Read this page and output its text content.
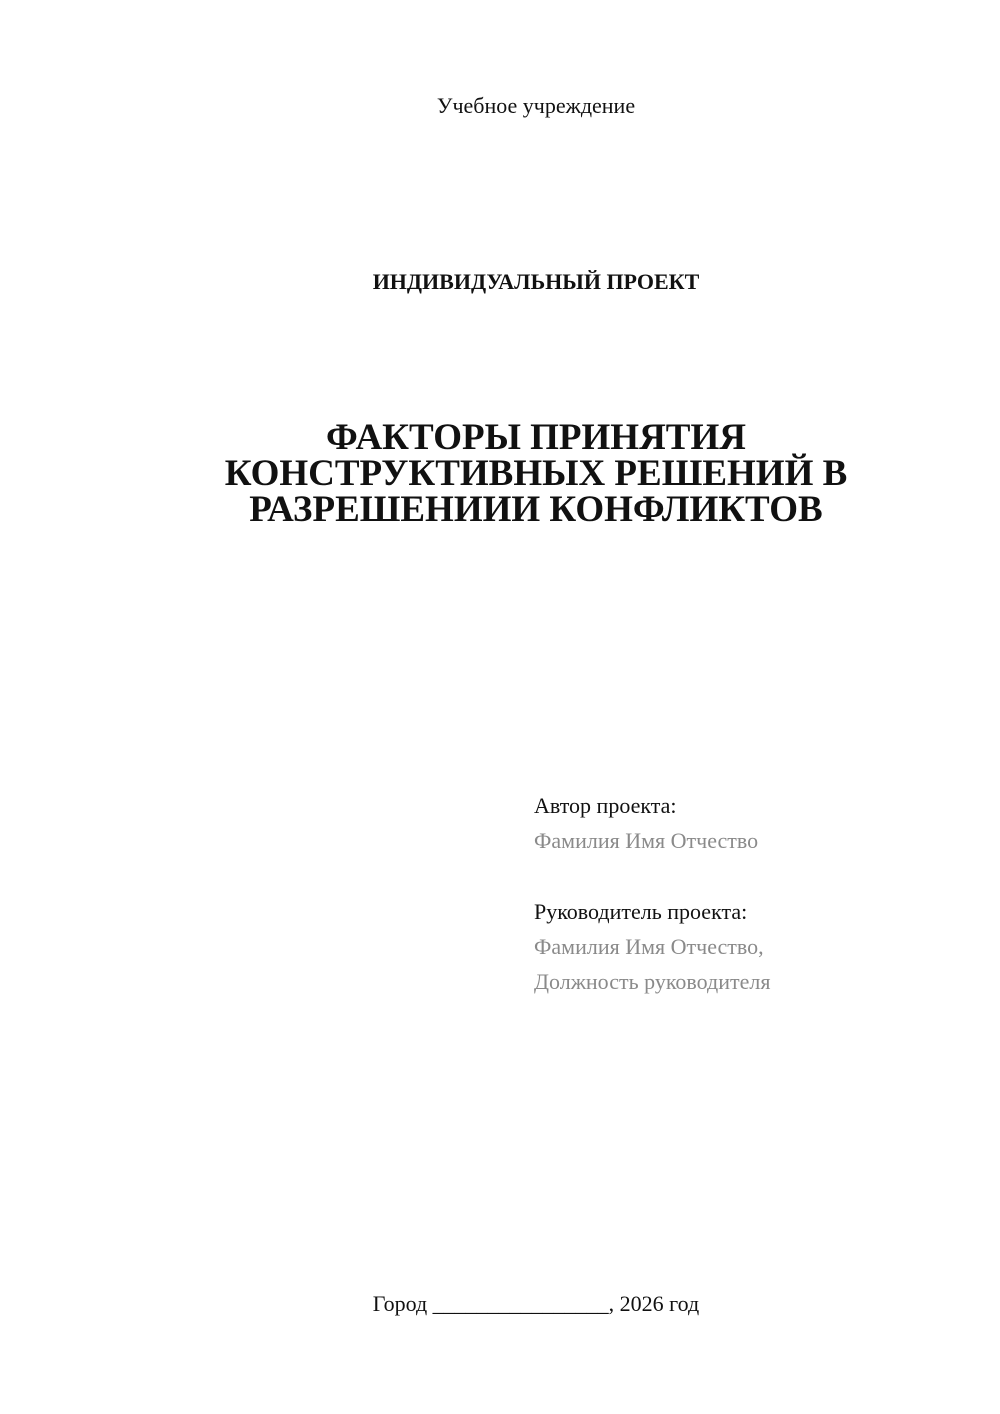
Учебное учреждение
ИНДИВИДУАЛЬНЫЙ ПРОЕКТ
ФАКТОРЫ ПРИНЯТИЯ
КОНСТРУКТИВНЫХ РЕШЕНИЙ В
РАЗРЕШЕНИИИ КОНФЛИКТОВ
Автор проекта:
Фамилия Имя Отчество
Руководитель проекта:
Фамилия Имя Отчество,
Должность руководителя
Город ________________, 2026 год
